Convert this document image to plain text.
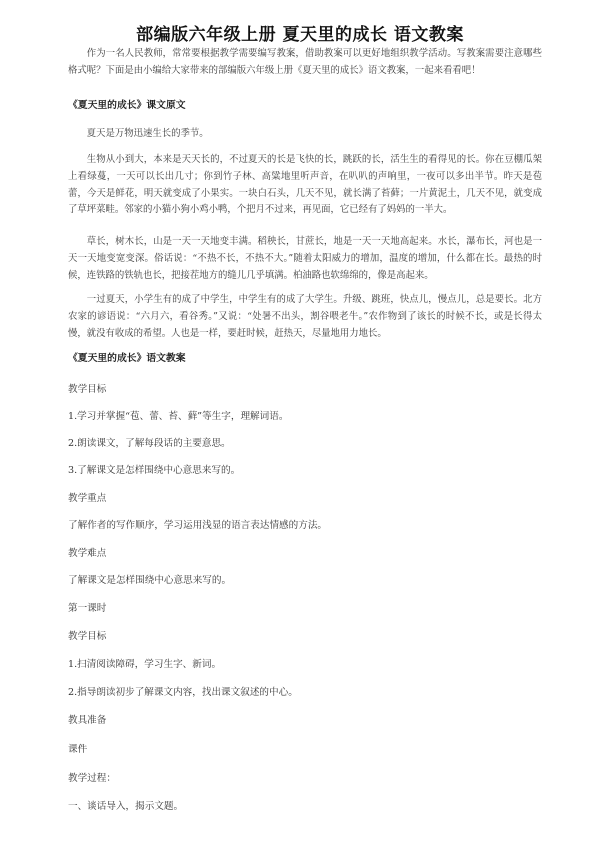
部编版六年级上册 夏天里的成长 语文教案
作为一名人民教师，常常要根据教学需要编写教案，借助教案可以更好地组织教学活动。写教案需要注意哪些格式呢？下面是由小编给大家带来的部编版六年级上册《夏天里的成长》语文教案，一起来看看吧！
《夏天里的成长》课文原文
夏天是万物迅速生长的季节。
生物从小到大，本来是天天长的，不过夏天的长是飞快的长，跳跃的长，活生生的看得见的长。你在豆棚瓜架上看绿蔓，一天可以长出几寸；你到竹子林、高粱地里听声音，在叭叭的声响里，一夜可以多出半节。昨天是苞蕾，今天是鲜花，明天就变成了小果实。一块白石头，几天不见，就长满了苔藓；一片黄泥土，几天不见，就变成了草坪菜畦。邻家的小猫小狗小鸡小鸭，个把月不过来，再见面，它已经有了妈妈的一半大。
草长，树木长，山是一天一天地变丰满。稻秧长，甘蔗长，地是一天一天地高起来。水长，瀑布长，河也是一天一天地变宽变深。俗话说：“不热不长，不热不大。”随着太阳威力的增加，温度的增加，什么都在长。最热的时候，连铁路的铁轨也长，把接茬地方的缝儿几乎填满。柏油路也软绵绵的，像是高起来。
一过夏天，小学生有的成了中学生，中学生有的成了大学生。升级、跳班，快点儿，慢点儿，总是要长。北方农家的谚语说：“六月六，看谷秀。”又说：“处暑不出头，割谷喂老牛。”农作物到了该长的时候不长，或是长得太慢，就没有收成的希望。人也是一样，要赶时候，赶热天，尽量地用力地长。
《夏天里的成长》语文教案
教学目标
1.学习并掌握“苞、蕾、苔、藓”等生字，理解词语。
2.朗读课文，了解每段话的主要意思。
3.了解课文是怎样围绕中心意思来写的。
教学重点
了解作者的写作顺序，学习运用浅显的语言表达情感的方法。
教学难点
了解课文是怎样围绕中心意思来写的。
第一课时
教学目标
1.扫清阅读障碍，学习生字、新词。
2.指导朗读初步了解课文内容，找出课文叙述的中心。
教具准备
课件
教学过程：
一、谈话导入，揭示文题。
